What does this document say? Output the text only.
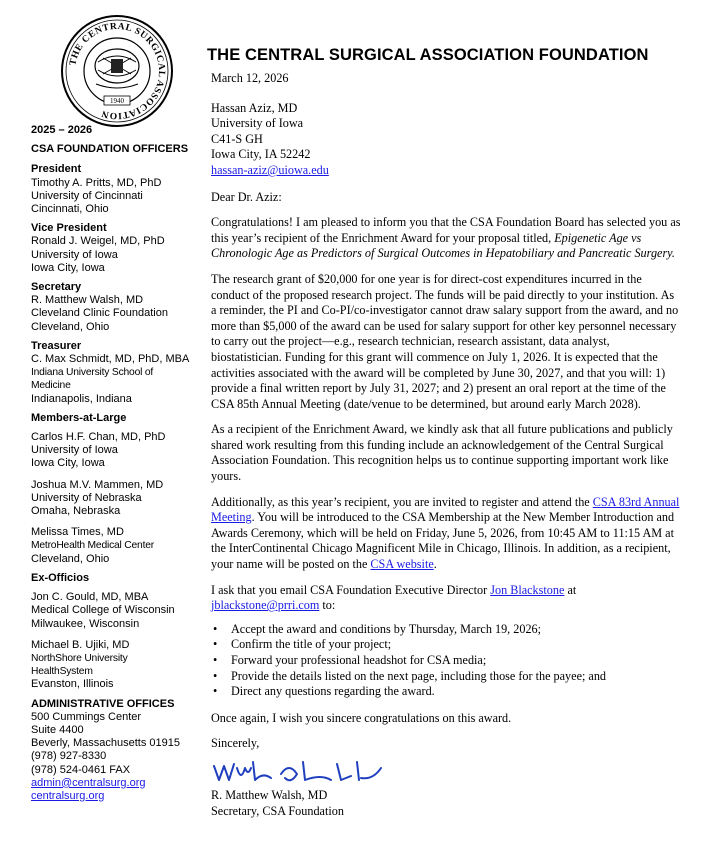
THE CENTRAL SURGICAL ASSOCIATION
1940
THE CENTRAL SURGICAL ASSOCIATION FOUNDATION
2025 – 2026
CSA FOUNDATION OFFICERS
President
Timothy A. Pritts, MD, PhD
University of Cincinnati
Cincinnati, Ohio
Vice President
Ronald J. Weigel, MD, PhD
University of Iowa
Iowa City, Iowa
Secretary
R. Matthew Walsh, MD
Cleveland Clinic Foundation
Cleveland, Ohio
Treasurer
C. Max Schmidt, MD, PhD, MBA
Indiana University School of
Medicine
Indianapolis, Indiana
Members-at-Large
Carlos H.F. Chan, MD, PhD
University of Iowa
Iowa City, Iowa
Joshua M.V. Mammen, MD
University of Nebraska
Omaha, Nebraska
Melissa Times, MD
MetroHealth Medical Center
Cleveland, Ohio
Ex-Officios
Jon C. Gould, MD, MBA
Medical College of Wisconsin
Milwaukee, Wisconsin
Michael B. Ujiki, MD
NorthShore University
HealthSystem
Evanston, Illinois
ADMINISTRATIVE OFFICES
500 Cummings Center
Suite 4400
Beverly, Massachusetts 01915
(978) 927-8330
(978) 524-0461 FAX
admin@centralsurg.org
centralsurg.org

March 12, 2026

Hassan Aziz, MD

University of Iowa

C41-S GH

Iowa City, IA 52242

hassan-aziz@uiowa.edu

Dear Dr. Aziz:

Congratulations! I am pleased to inform you that the CSA Foundation Board has selected you as this year’s recipient of the Enrichment Award for your proposal titled, Epigenetic Age vs Chronologic Age as Predictors of Surgical Outcomes in Hepatobiliary and Pancreatic Surgery.

The research grant of $20,000 for one year is for direct-cost expenditures incurred in the conduct of the proposed research project. The funds will be paid directly to your institution. As a reminder, the PI and Co-PI/co-investigator cannot draw salary support from the award, and no more than $5,000 of the award can be used for salary support for other key personnel necessary to carry out the project—e.g., research technician, research assistant, data analyst, biostatistician. Funding for this grant will commence on July 1, 2026. It is expected that the activities associated with the award will be completed by June 30, 2027, and that you will: 1) provide a final written report by July 31, 2027; and 2) present an oral report at the time of the CSA 85th Annual Meeting (date/venue to be determined, but around early March 2028).

As a recipient of the Enrichment Award, we kindly ask that all future publications and publicly shared work resulting from this funding include an acknowledgement of the Central Surgical Association Foundation. This recognition helps us to continue supporting important work like yours.

Additionally, as this year’s recipient, you are invited to register and attend the CSA 83rd Annual Meeting. You will be introduced to the CSA Membership at the New Member Introduction and Awards Ceremony, which will be held on Friday, June 5, 2026, from 10:45 AM to 11:15 AM at the InterContinental Chicago Magnificent Mile in Chicago, Illinois. In addition, as a recipient, your name will be posted on the CSA website.

I ask that you email CSA Foundation Executive Director Jon Blackstone at jblackstone@prri.com to:

• Accept the award and conditions by Thursday, March 19, 2026;
• Confirm the title of your project;
• Forward your professional headshot for CSA media;
• Provide the details listed on the next page, including those for the payee; and
• Direct any questions regarding the award.

Once again, I wish you sincere congratulations on this award.

Sincerely,

R. Matthew Walsh, MD

Secretary, CSA Foundation
